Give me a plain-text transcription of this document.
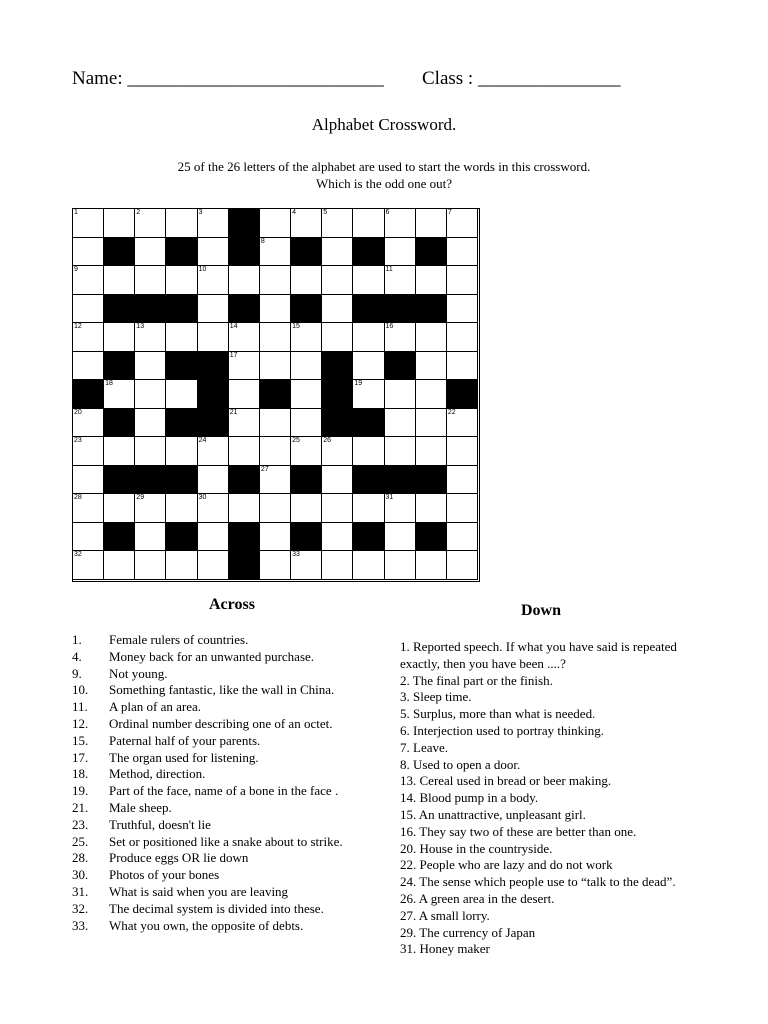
Name: ___________________________ Class : _______________
Alphabet Crossword.
25 of the 26 letters of the alphabet are used to start the words in this crossword.
Which is the odd one out?
1	2	3	4	5	6	7
8
9	10	11
12	13	14	15	16
17
18	19
20	21	22
23	24	25	26
27
28	29	30	31
32	33
Across
1. Female rulers of countries.
4. Money back for an unwanted purchase.
9. Not young.
10. Something fantastic, like the wall in China.
11. A plan of an area.
12. Ordinal number describing one of an octet.
15. Paternal half of your parents.
17. The organ used for listening.
18. Method, direction.
19. Part of the face, name of a bone in the face .
21. Male sheep.
23. Truthful, doesn't lie
25. Set or positioned like a snake about to strike.
28. Produce eggs OR lie down
30. Photos of your bones
31. What is said when you are leaving
32. The decimal system is divided into these.
33. What you own, the opposite of debts.
Down
1. Reported speech. If what you have said is repeated exactly, then you have been ....?
2. The final part or the finish.
3. Sleep time.
5. Surplus, more than what is needed.
6. Interjection used to portray thinking.
7. Leave.
8. Used to open a door.
13. Cereal used in bread or beer making.
14. Blood pump in a body.
15. An unattractive, unpleasant girl.
16. They say two of these are better than one.
20. House in the countryside.
22. People who are lazy and do not work
24. The sense which people use to “talk to the dead”.
26. A green area in the desert.
27. A small lorry.
29. The currency of Japan
31. Honey maker
